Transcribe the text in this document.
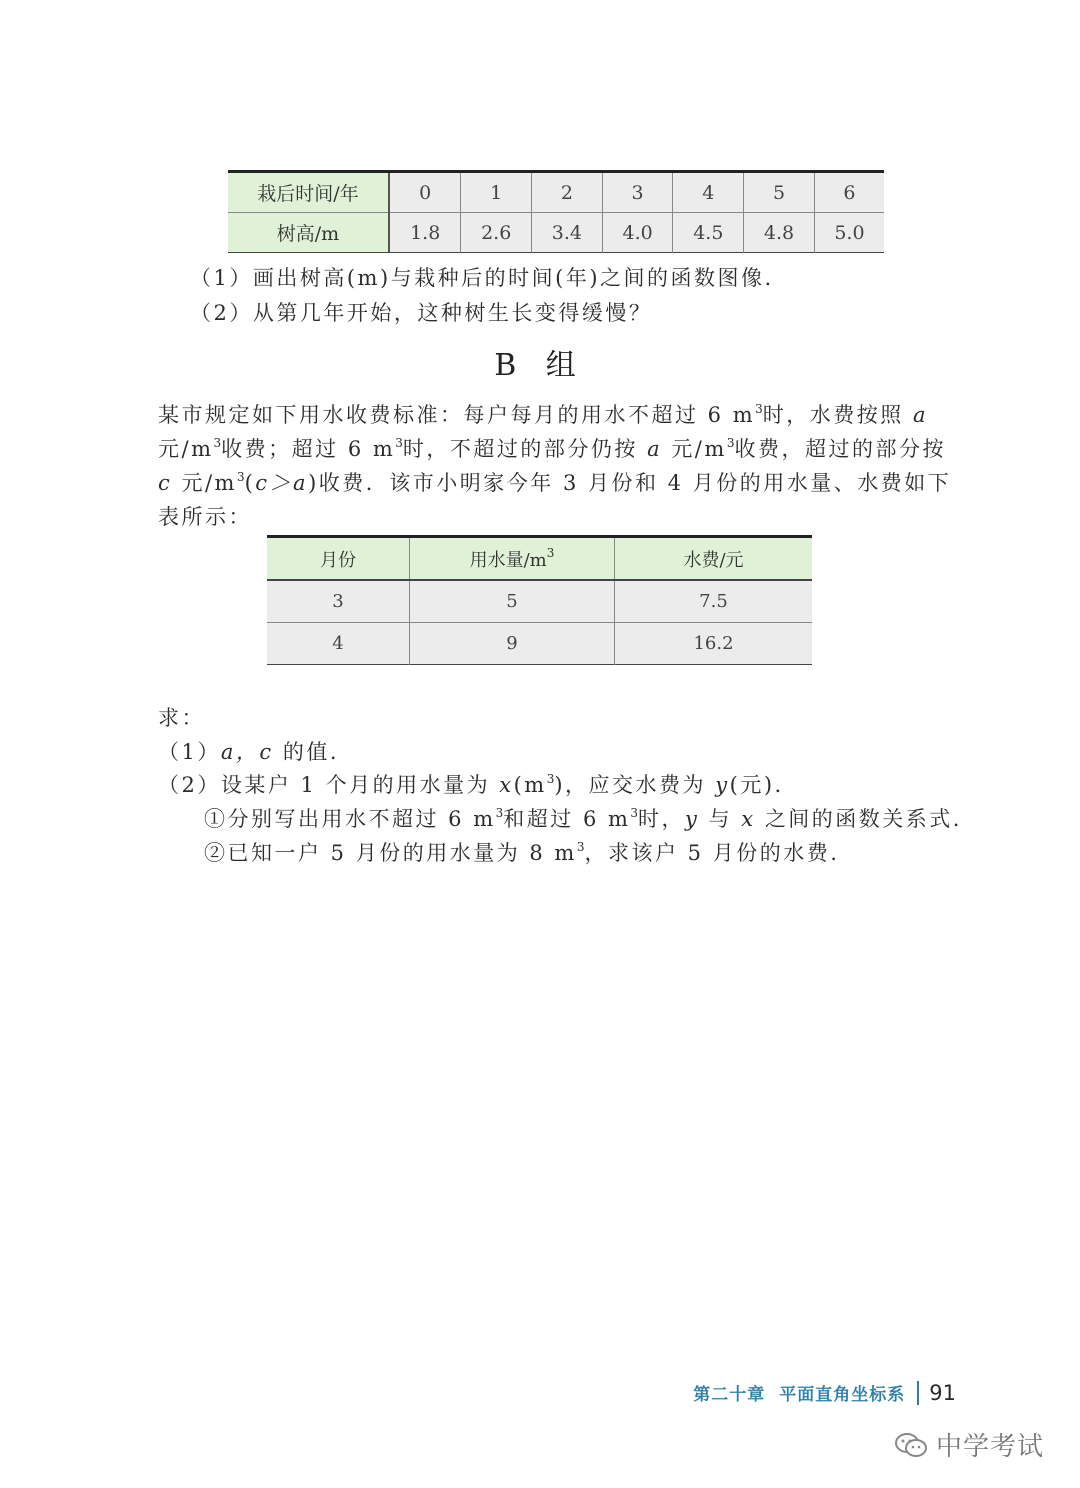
栽后时间/年	0	1	2	3	4	5	6
树高/m	1.8	2.6	3.4	4.0	4.5	4.8	5.0
（1）画出树高(m)与栽种后的时间(年)之间的函数图像.
（2）从第几年开始，这种树生长变得缓慢？
B 组
某市规定如下用水收费标准：每户每月的用水不超过 6 $m^3$时，水费按照 a
元$/m^3$收费；超过 6 $m^3$时，不超过的部分仍按 a 元$/m^3$收费，超过的部分按
c 元$/m^3(c>a)$收费．该市小明家今年 3 月份和 4 月份的用水量、水费如下
表所示：
月份	用水量$/m^3$	水费/元
3	5	7.5
4	9	16.2
求：
（1）a，c 的值.
（2）设某户 1 个月的用水量为 $x(m^3)$，应交水费为 y(元).
①分别写出用水不超过 6 $m^3$和超过 6 $m^3$时，y 与 x 之间的函数关系式.
②已知一户 5 月份的用水量为 8 $m^3$，求该户 5 月份的水费.
第二十章 平面直角坐标系 91
中学考试
